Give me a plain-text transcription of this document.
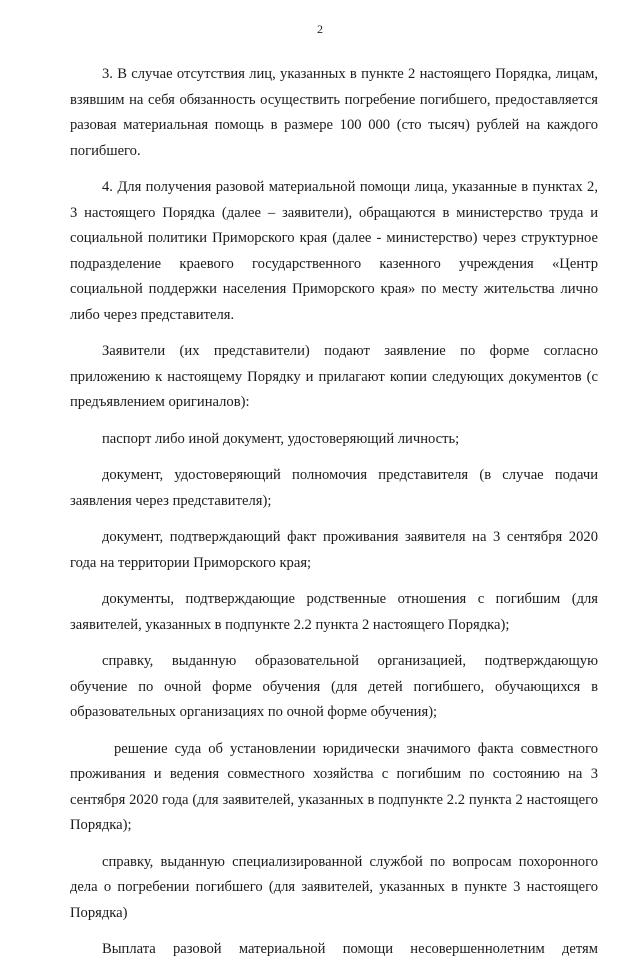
2

3. В случае отсутствия лиц, указанных в пункте 2 настоящего Порядка, лицам, взявшим на себя обязанность осуществить погребение погибшего, предоставляется разовая материальная помощь в размере 100 000 (сто тысяч) рублей на каждого погибшего.

4. Для получения разовой материальной помощи лица, указанные в пунктах 2, 3 настоящего Порядка (далее – заявители), обращаются в министерство труда и социальной политики Приморского края (далее - министерство) через структурное подразделение краевого государственного казенного учреждения «Центр социальной поддержки населения Приморского края» по месту жительства лично либо через представителя.

Заявители (их представители) подают заявление по форме согласно приложению к настоящему Порядку и прилагают копии следующих документов (с предъявлением оригиналов):

паспорт либо иной документ, удостоверяющий личность;

документ, удостоверяющий полномочия представителя (в случае подачи заявления через представителя);

документ, подтверждающий факт проживания заявителя на 3 сентября 2020 года на территории Приморского края;

документы, подтверждающие родственные отношения с погибшим (для заявителей, указанных в подпункте 2.2 пункта 2 настоящего Порядка);

справку, выданную образовательной организацией, подтверждающую обучение по очной форме обучения (для детей погибшего, обучающихся в образовательных организациях по очной форме обучения);

решение суда об установлении юридически значимого факта совместного проживания и ведения совместного хозяйства с погибшим по состоянию на 3 сентября 2020 года (для заявителей, указанных в подпункте 2.2 пункта 2 настоящего Порядка);

справку, выданную специализированной службой по вопросам похоронного дела о погребении погибшего (для заявителей, указанных в пункте 3 настоящего Порядка)

Выплата разовой материальной помощи несовершеннолетним детям
